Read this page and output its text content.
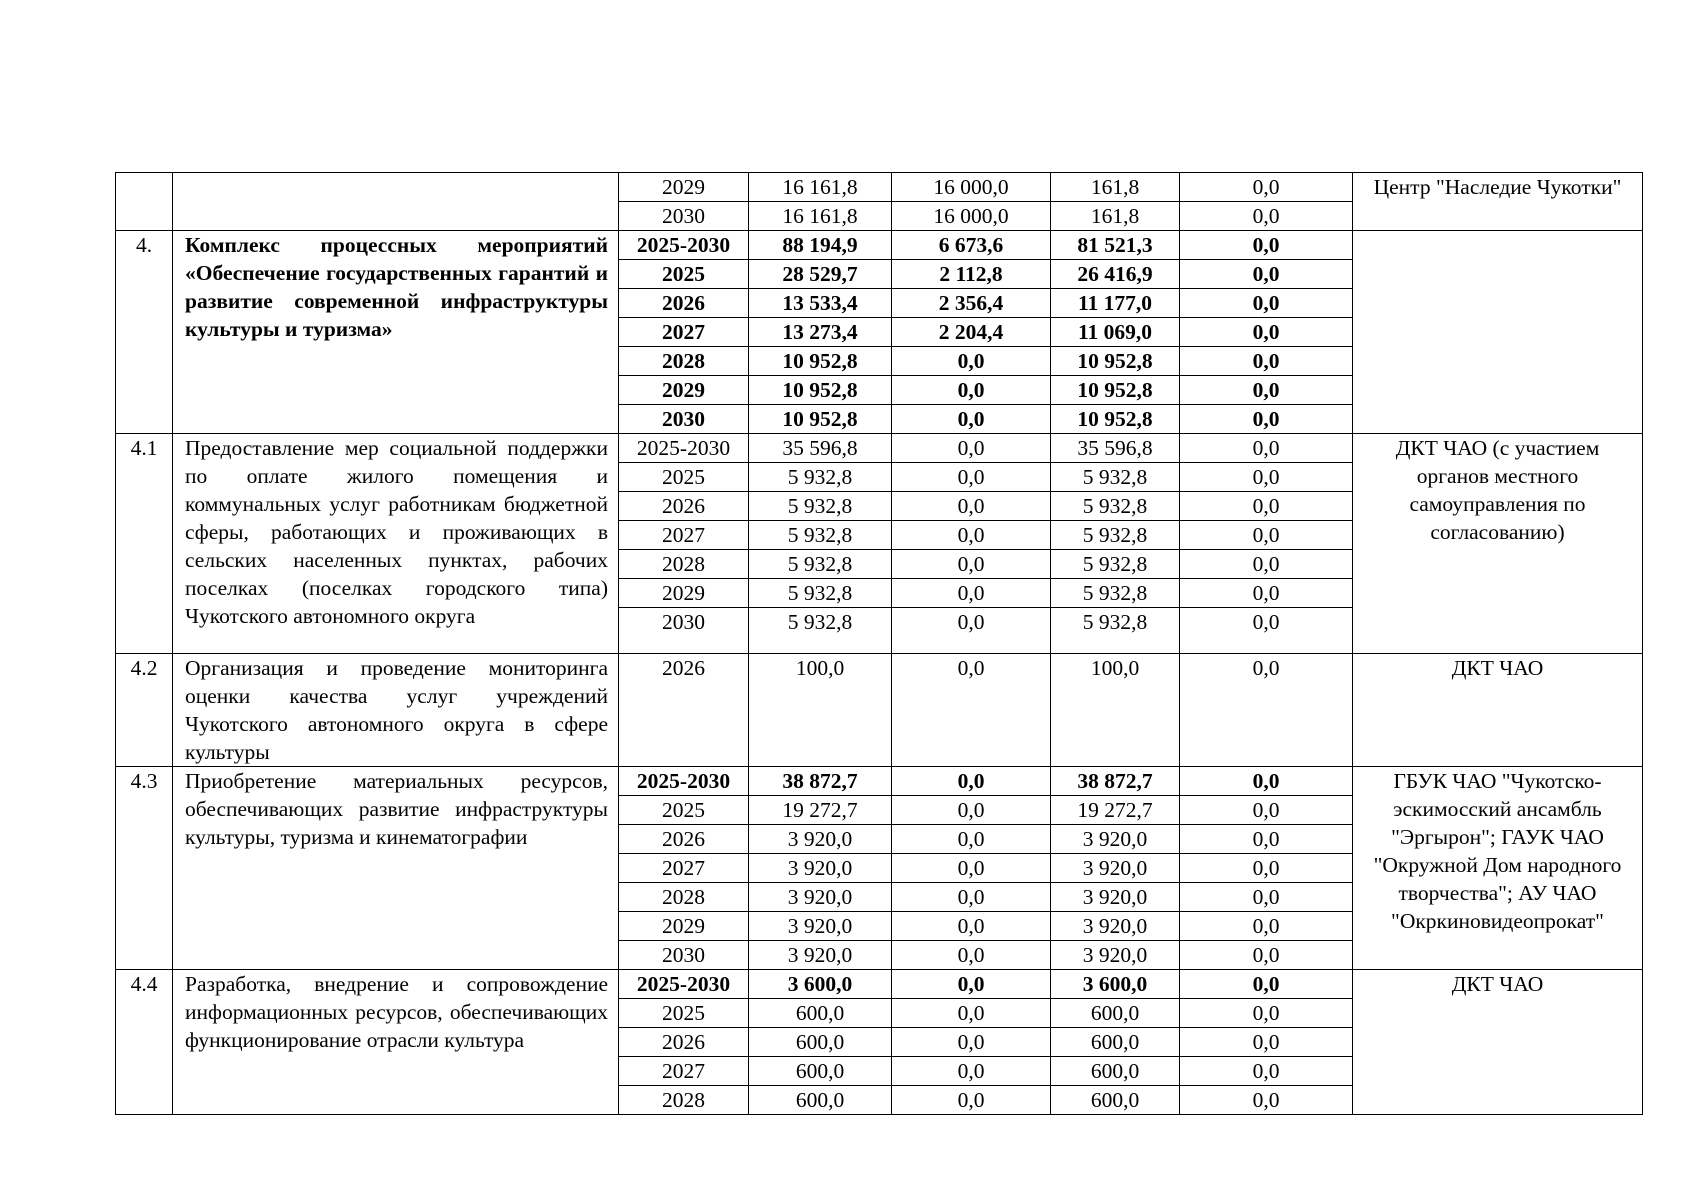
		2029	16 161,8	16 000,0	161,8	0,0	Центр "Наследие Чукотки"
		2030	16 161,8	16 000,0	161,8	0,0	
4.	Комплекс процессных мероприятий «Обеспечение государственных гарантий и развитие современной инфраструктуры культуры и туризма»	2025-2030	88 194,9	6 673,6	81 521,3	0,0	
		2025	28 529,7	2 112,8	26 416,9	0,0	
		2026	13 533,4	2 356,4	11 177,0	0,0	
		2027	13 273,4	2 204,4	11 069,0	0,0	
		2028	10 952,8	0,0	10 952,8	0,0	
		2029	10 952,8	0,0	10 952,8	0,0	
		2030	10 952,8	0,0	10 952,8	0,0	
4.1	Предоставление мер социальной поддержки по оплате жилого помещения и коммунальных услуг работникам бюджетной сферы, работающих и проживающих в сельских населенных пунктах, рабочих поселках (поселках городского типа) Чукотского автономного округа	2025-2030	35 596,8	0,0	35 596,8	0,0	ДКТ ЧАО (с участием органов местного самоуправления по согласованию)
		2025	5 932,8	0,0	5 932,8	0,0	
		2026	5 932,8	0,0	5 932,8	0,0	
		2027	5 932,8	0,0	5 932,8	0,0	
		2028	5 932,8	0,0	5 932,8	0,0	
		2029	5 932,8	0,0	5 932,8	0,0	
		2030	5 932,8	0,0	5 932,8	0,0	
4.2	Организация и проведение мониторинга оценки качества услуг учреждений Чукотского автономного округа в сфере культуры	2026	100,0	0,0	100,0	0,0	ДКТ ЧАО
4.3	Приобретение материальных ресурсов, обеспечивающих развитие инфраструктуры культуры, туризма и кинематографии	2025-2030	38 872,7	0,0	38 872,7	0,0	ГБУК ЧАО "Чукотско-эскимосский ансамбль "Эргырон"; ГАУК ЧАО "Окружной Дом народного творчества"; АУ ЧАО "Окркиновидеопрокат"
		2025	19 272,7	0,0	19 272,7	0,0	
		2026	3 920,0	0,0	3 920,0	0,0	
		2027	3 920,0	0,0	3 920,0	0,0	
		2028	3 920,0	0,0	3 920,0	0,0	
		2029	3 920,0	0,0	3 920,0	0,0	
		2030	3 920,0	0,0	3 920,0	0,0	
4.4	Разработка, внедрение и сопровождение информационных ресурсов, обеспечивающих функционирование отрасли культура	2025-2030	3 600,0	0,0	3 600,0	0,0	ДКТ ЧАО
		2025	600,0	0,0	600,0	0,0	
		2026	600,0	0,0	600,0	0,0	
		2027	600,0	0,0	600,0	0,0	
		2028	600,0	0,0	600,0	0,0	
